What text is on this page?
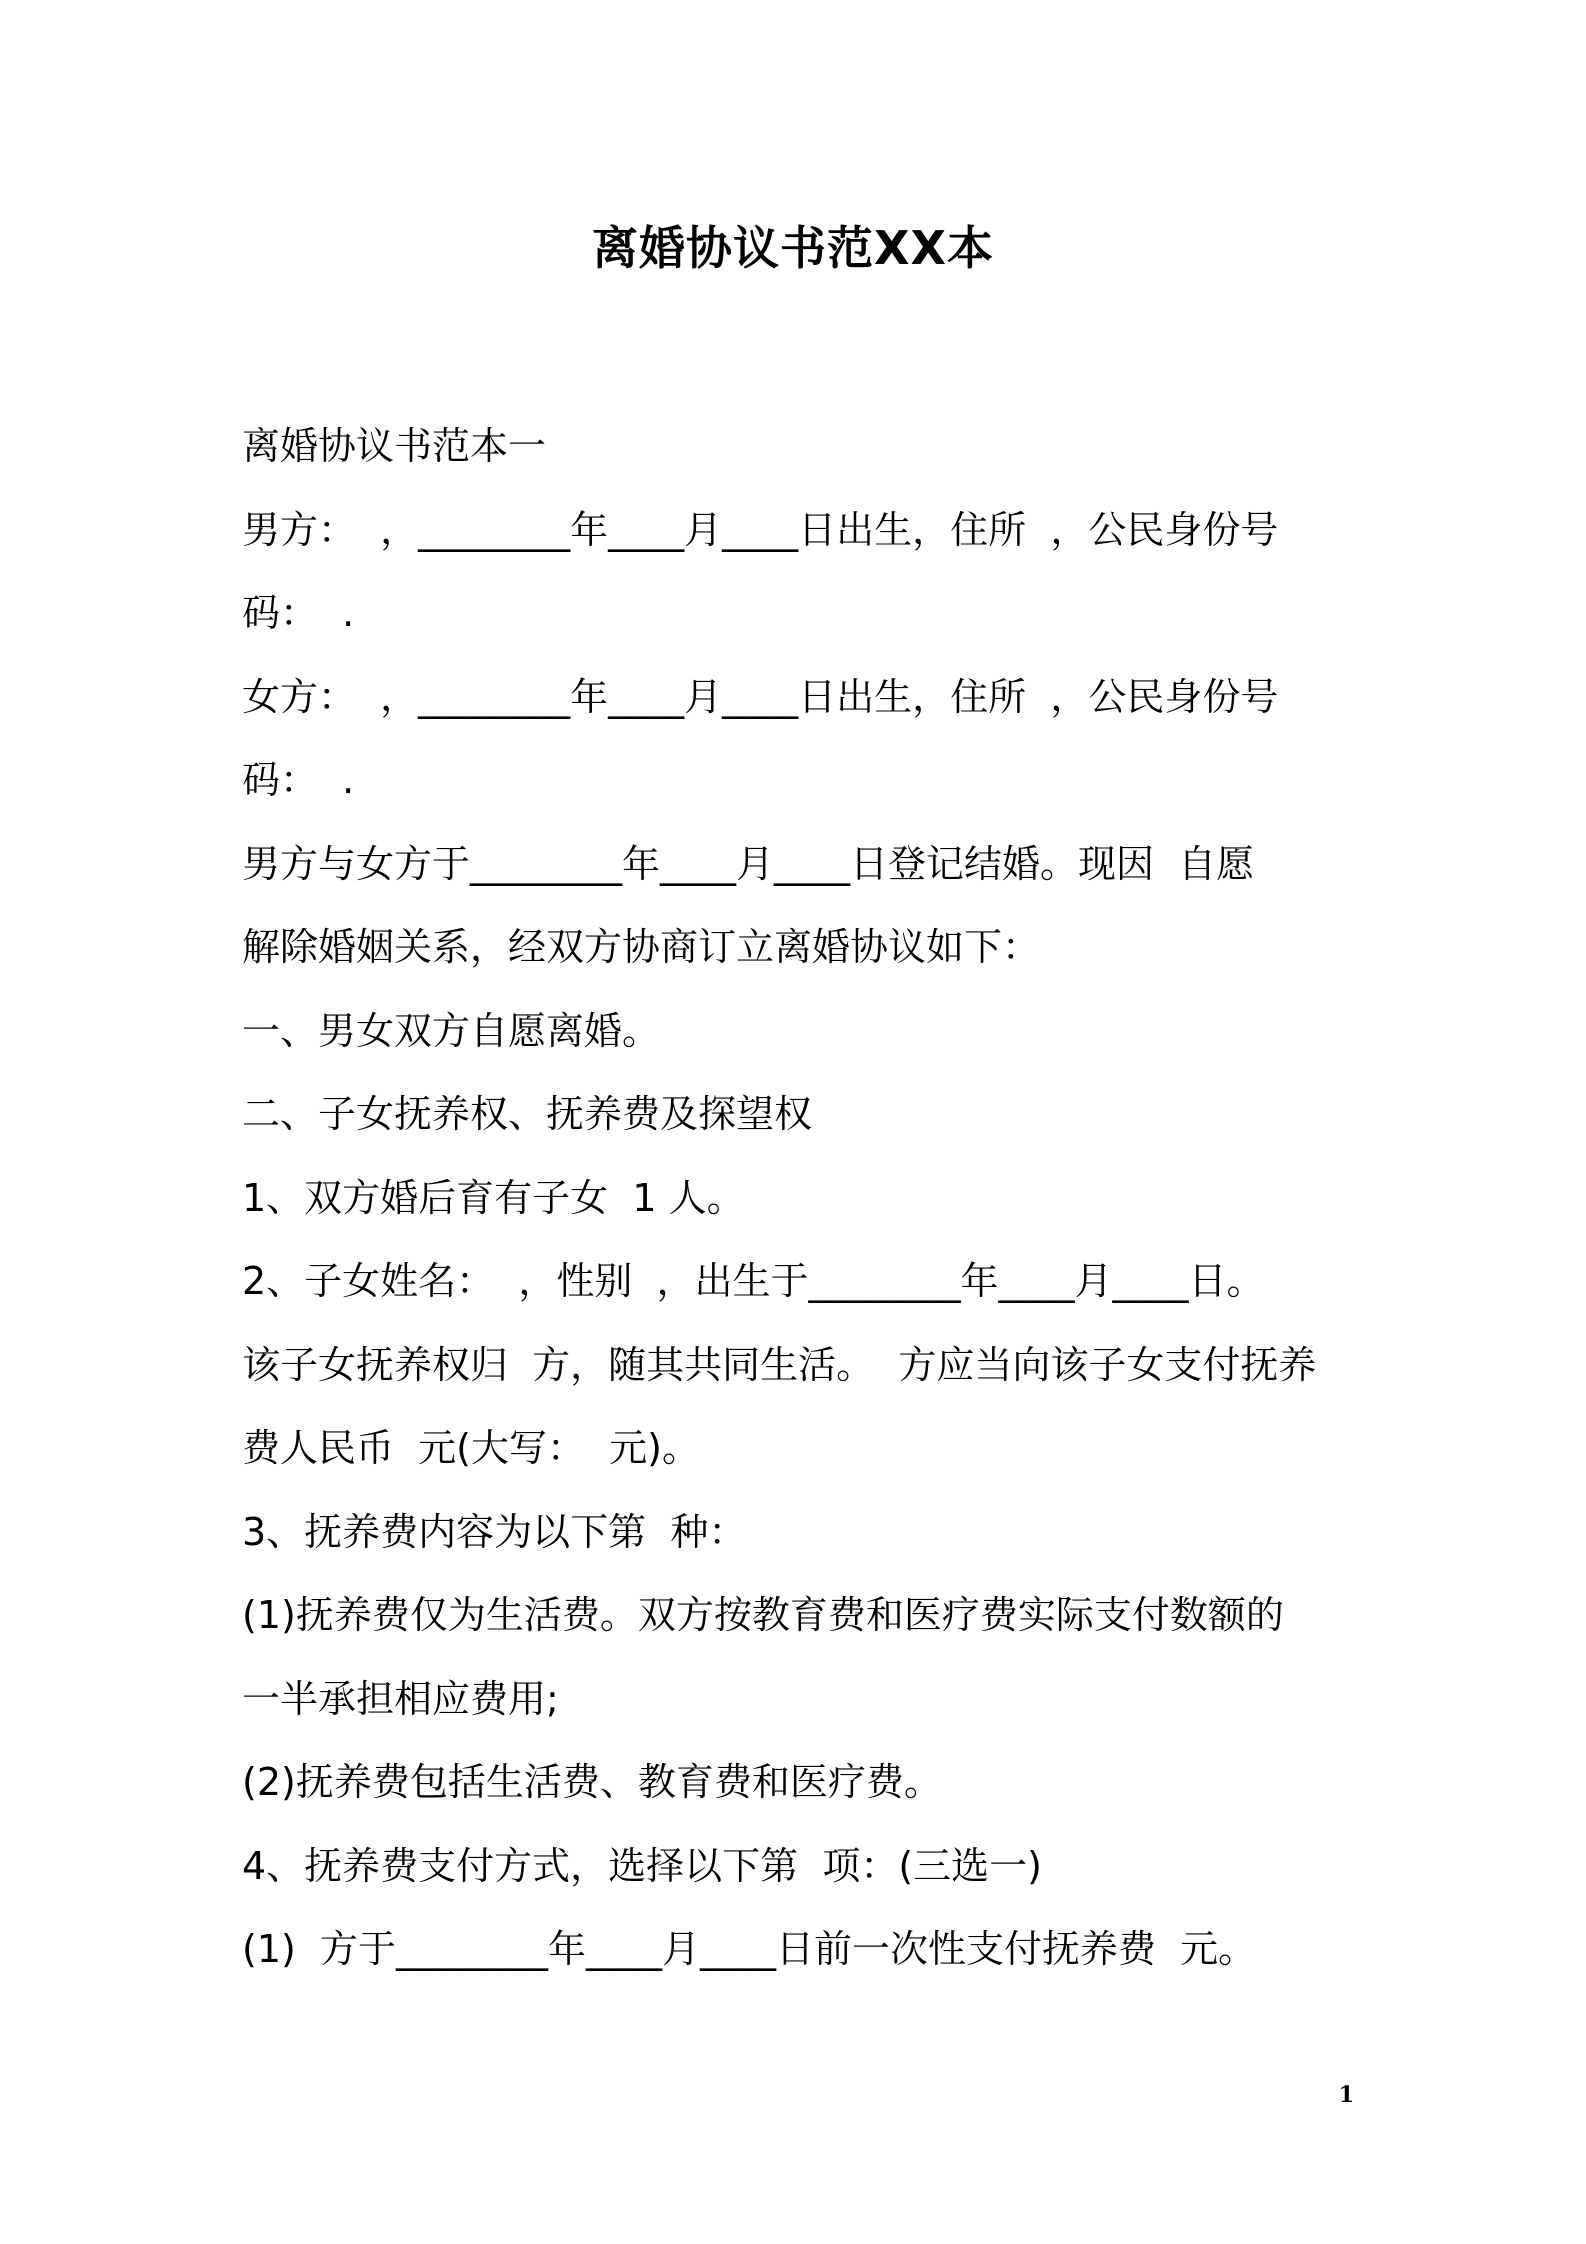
离婚协议书范XX本

离婚协议书范本一

男方：  ，________年____月____日出生，住所  ，公民身份号

码：  .

女方：  ，________年____月____日出生，住所  ，公民身份号

码：  .

男方与女方于________年____月____日登记结婚。现因  自愿

解除婚姻关系，经双方协商订立离婚协议如下：

一、男女双方自愿离婚。

二、子女抚养权、抚养费及探望权

1、双方婚后育有子女  1 人。

2、子女姓名：  ，性别  ，出生于________年____月____日。

该子女抚养权归  方，随其共同生活。  方应当向该子女支付抚养

费人民币  元(大写：  元)。

3、抚养费内容为以下第  种：

(1)抚养费仅为生活费。双方按教育费和医疗费实际支付数额的

一半承担相应费用;

(2)抚养费包括生活费、教育费和医疗费。

4、抚养费支付方式，选择以下第  项：(三选一)

(1)  方于________年____月____日前一次性支付抚养费  元。

1
